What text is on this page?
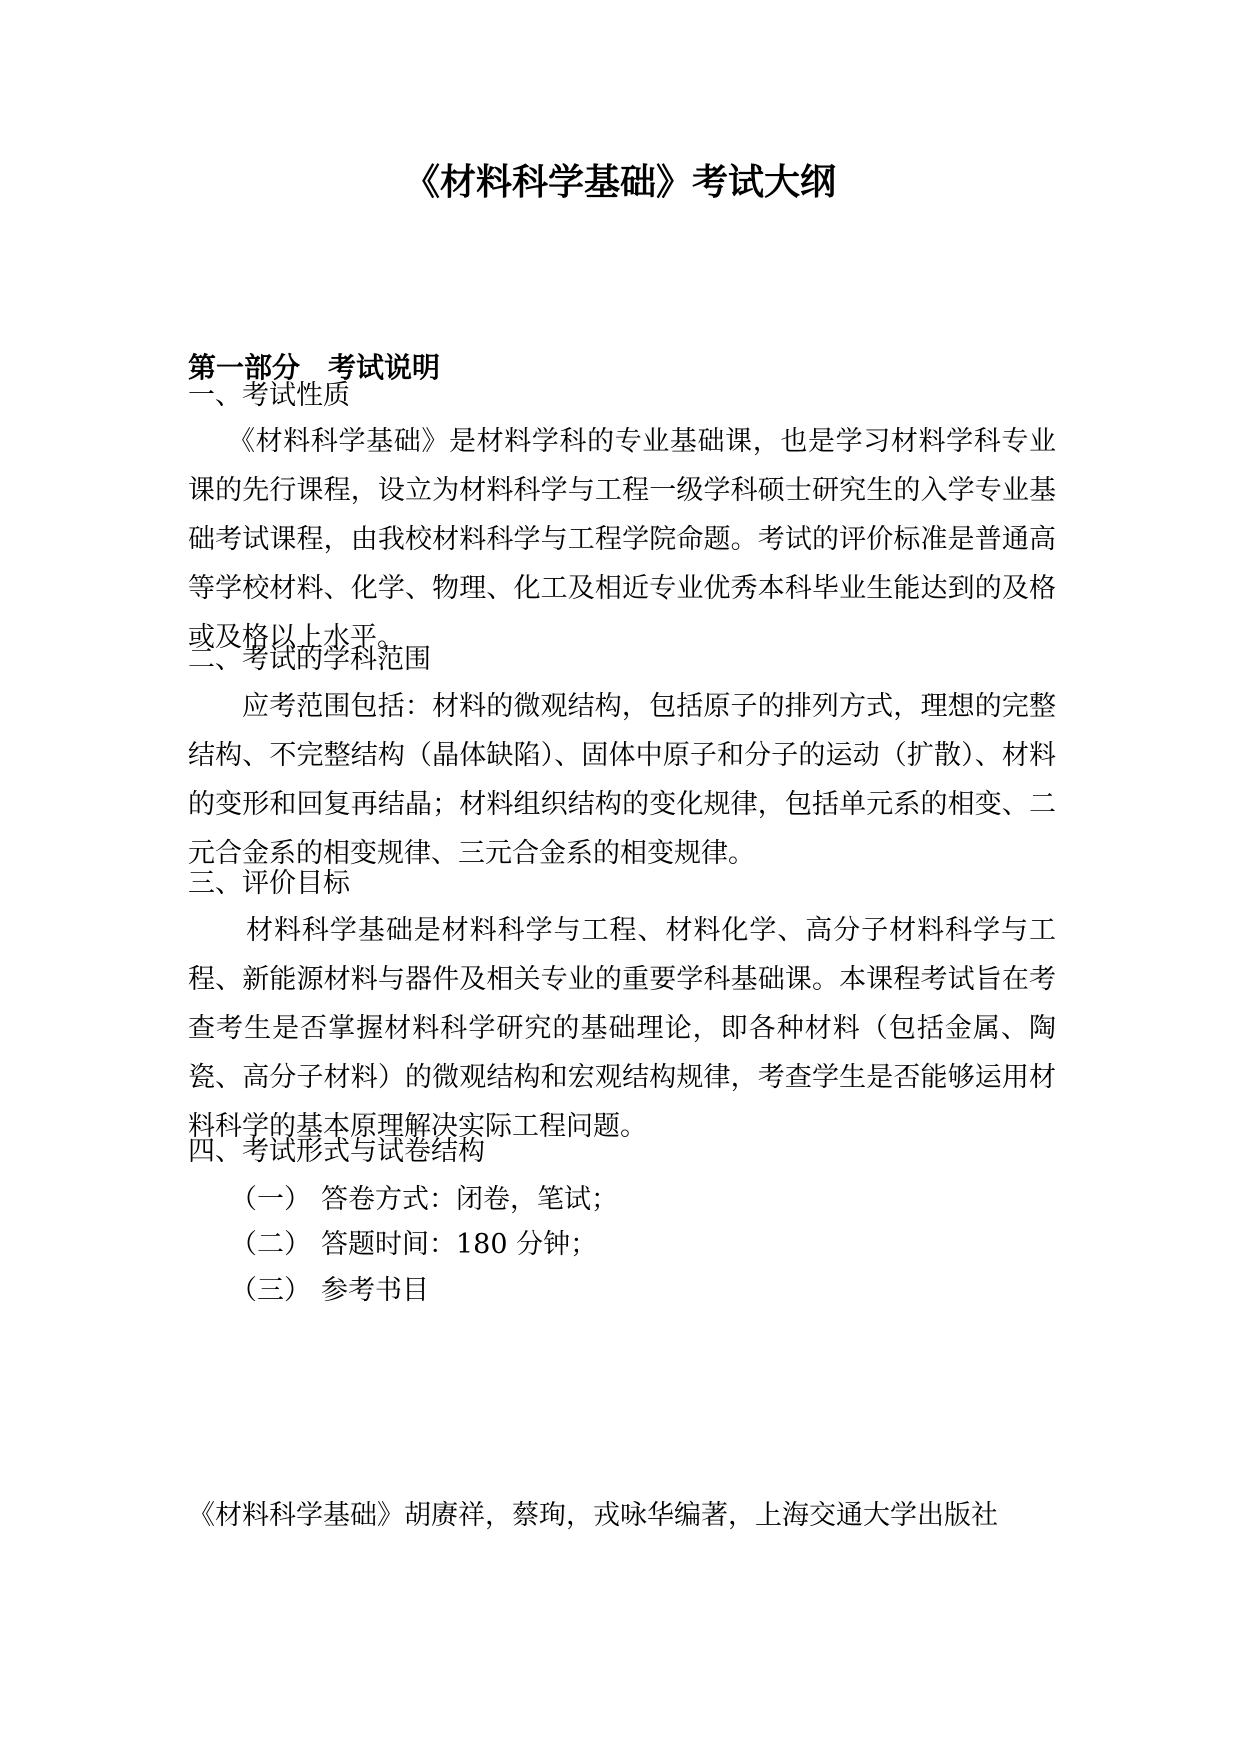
《材料科学基础》考试大纲
第一部分 考试说明

一、考试性质

《材料科学基础》是材料学科的专业基础课，也是学习材料学科专业课的先行课程，设立为材料科学与工程一级学科硕士研究生的入学专业基础考试课程，由我校材料科学与工程学院命题。考试的评价标准是普通高等学校材料、化学、物理、化工及相近专业优秀本科毕业生能达到的及格或及格以上水平。

二、考试的学科范围

应考范围包括：材料的微观结构，包括原子的排列方式，理想的完整结构、不完整结构（晶体缺陷）、固体中原子和分子的运动（扩散）、材料的变形和回复再结晶；材料组织结构的变化规律，包括单元系的相变、二元合金系的相变规律、三元合金系的相变规律。

三、评价目标

材料科学基础是材料科学与工程、材料化学、高分子材料科学与工程、新能源材料与器件及相关专业的重要学科基础课。本课程考试旨在考查考生是否掌握材料科学研究的基础理论，即各种材料（包括金属、陶瓷、高分子材料）的微观结构和宏观结构规律，考查学生是否能够运用材料科学的基本原理解决实际工程问题。

四、考试形式与试卷结构

（一） 答卷方式：闭卷，笔试；

（二） 答题时间：180 分钟；

（三） 参考书目

《材料科学基础》胡赓祥，蔡珣，戎咏华编著，上海交通大学出版社
